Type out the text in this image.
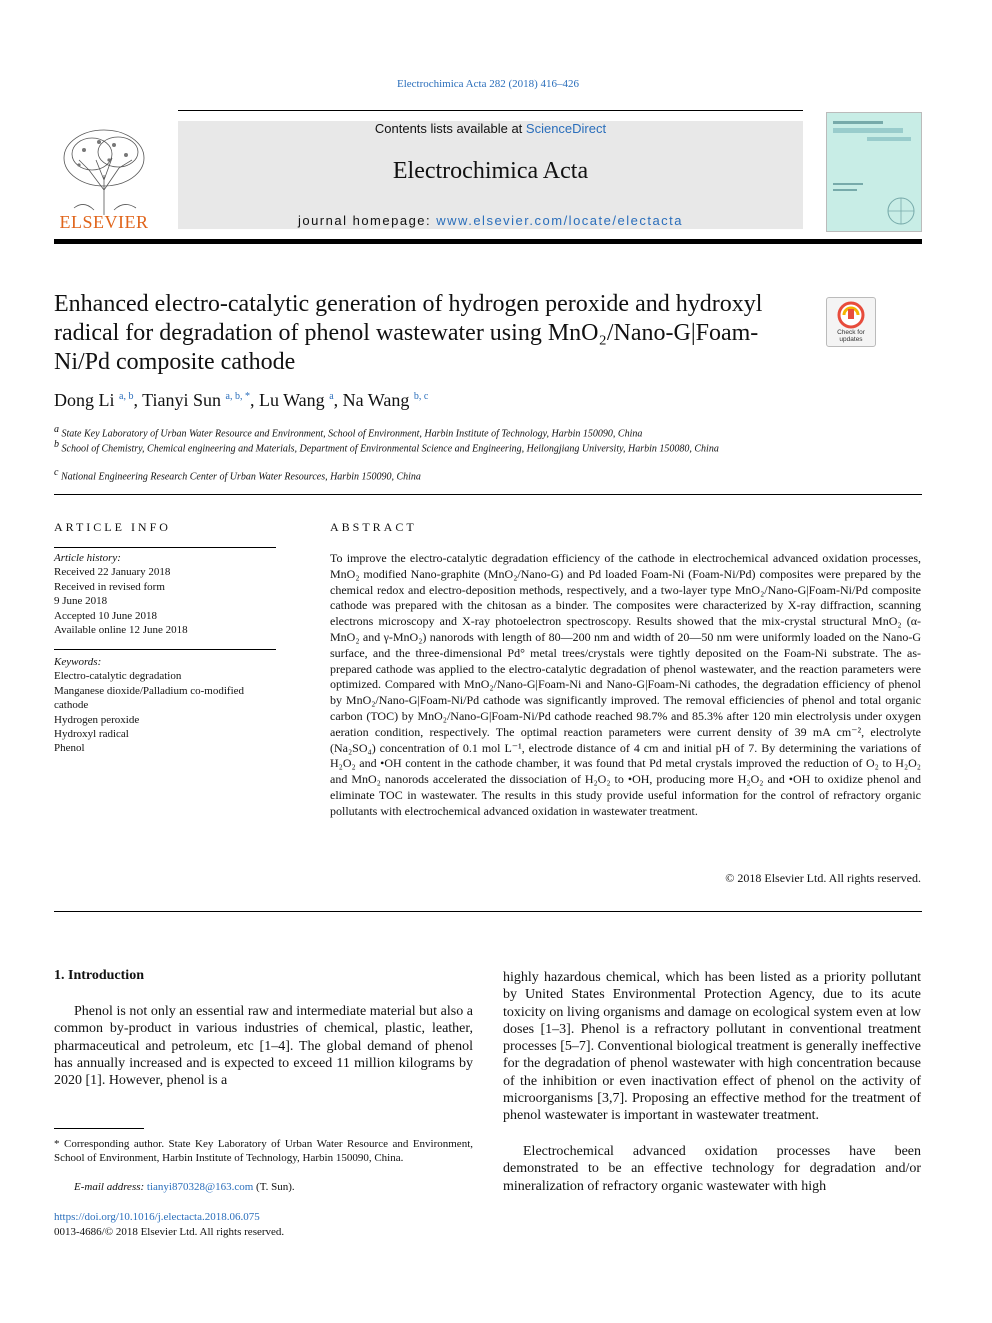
Electrochimica Acta 282 (2018) 416–426
ELSEVIER
Contents lists available at ScienceDirect
Electrochimica Acta
journal homepage: www.elsevier.com/locate/electacta
Enhanced electro-catalytic generation of hydrogen peroxide and hydroxyl radical for degradation of phenol wastewater using MnO₂/Nano-G|Foam-Ni/Pd composite cathode
Check for
updates
Dong Li $^{a, b}$, Tianyi Sun $^{a, b, *}$, Lu Wang $^a$, Na Wang $^{b, c}$
$^a$ State Key Laboratory of Urban Water Resource and Environment, School of Environment, Harbin Institute of Technology, Harbin 150090, China
$^b$ School of Chemistry, Chemical engineering and Materials, Department of Environmental Science and Engineering, Heilongjiang University, Harbin 150080, China
$^c$ National Engineering Research Center of Urban Water Resources, Harbin 150090, China
ARTICLE INFO
Article history:
Received 22 January 2018
Received in revised form
9 June 2018
Accepted 10 June 2018
Available online 12 June 2018
Keywords:
Electro-catalytic degradation
Manganese dioxide/Palladium co-modified
cathode
Hydrogen peroxide
Hydroxyl radical
Phenol
ABSTRACT
To improve the electro-catalytic degradation efficiency of the cathode in electrochemical advanced oxidation processes, MnO₂ modified Nano-graphite (MnO₂/Nano-G) and Pd loaded Foam-Ni (Foam-Ni/Pd) composites were prepared by the chemical redox and electro-deposition methods, respectively, and a two-layer type MnO₂/Nano-G|Foam-Ni/Pd composite cathode was prepared with the chitosan as a binder. The composites were characterized by X-ray diffraction, scanning electrons microscopy and X-ray photoelectron spectroscopy. Results showed that the mix-crystal structural MnO₂ (α-MnO₂ and γ-MnO₂) nanorods with length of 80—200 nm and width of 20—50 nm were uniformly loaded on the Nano-G surface, and the three-dimensional Pd° metal trees/crystals were tightly deposited on the Foam-Ni substrate. The as-prepared cathode was applied to the electro-catalytic degradation of phenol wastewater, and the reaction parameters were optimized. Compared with MnO₂/Nano-G|Foam-Ni and Nano-G|Foam-Ni cathodes, the degradation efficiency of phenol by MnO₂/Nano-G|Foam-Ni/Pd cathode was significantly improved. The removal efficiencies of phenol and total organic carbon (TOC) by MnO₂/Nano-G|Foam-Ni/Pd cathode reached 98.7% and 85.3% after 120 min electrolysis under oxygen aeration condition, respectively. The optimal reaction parameters were current density of 39 mA cm⁻², electrolyte (Na₂SO₄) concentration of 0.1 mol L⁻¹, electrode distance of 4 cm and initial pH of 7. By determining the variations of H₂O₂ and •OH content in the cathode chamber, it was found that Pd metal crystals improved the reduction of O₂ to H₂O₂ and MnO₂ nanorods accelerated the dissociation of H₂O₂ to •OH, producing more H₂O₂ and •OH to oxidize phenol and eliminate TOC in wastewater. The results in this study provide useful information for the control of refractory organic pollutants with electrochemical advanced oxidation in wastewater treatment.
© 2018 Elsevier Ltd. All rights reserved.
1. Introduction
Phenol is not only an essential raw and intermediate material but also a common by-product in various industries of chemical, plastic, leather, pharmaceutical and petroleum, etc [1–4]. The global demand of phenol has annually increased and is expected to exceed 11 million kilograms by 2020 [1]. However, phenol is a
highly hazardous chemical, which has been listed as a priority pollutant by United States Environmental Protection Agency, due to its acute toxicity on living organisms and damage on ecological system even at low doses [1–3]. Phenol is a refractory pollutant in conventional treatment processes [5–7]. Conventional biological treatment is generally ineffective for the degradation of phenol wastewater with high concentration because of the inhibition or even inactivation effect of phenol on the activity of microorganisms [3,7]. Proposing an effective method for the treatment of phenol wastewater is important in wastewater treatment.
Electrochemical advanced oxidation processes have been demonstrated to be an effective technology for degradation and/or mineralization of refractory organic wastewater with high
* Corresponding author. State Key Laboratory of Urban Water Resource and Environment, School of Environment, Harbin Institute of Technology, Harbin 150090, China.
E-mail address: tianyi870328@163.com (T. Sun).
https://doi.org/10.1016/j.electacta.2018.06.075
0013-4686/© 2018 Elsevier Ltd. All rights reserved.
